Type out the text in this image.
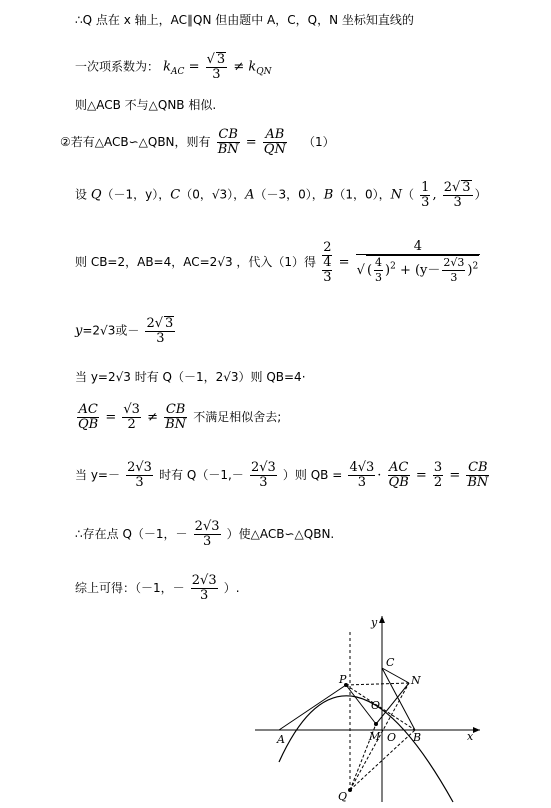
∴Q 点在 x 轴上，AC∥QN 但由题中 A，C，Q，N 坐标知直线的
一次项系数为： $k_{AC} = \frac{√ 3}{3} \ne k_{QN}$
则△ACB 不与△QNB 相似.
②若有△ACB∽△QBN，则有 $\frac{CB}{BN} = \frac{AB}{QN} (1)$
设 Q（－1，y），C（0，√3），A（－3，0），B（1，0），$N( \frac{1}{3}$ , $\frac{2√ 3}{3}$ ）
则 CB=2，AB=4，AC=2√3 ，代入（1）得
2
4
3
= $\frac{4}{√ ( \frac{4}{3} )^2 + (y- \frac{2√3}{3} )^2}$
y=2√3或－ $\frac{2√ 3}{3}$
当 y=2√3 时有 Q（－1，2√3）则 QB=4·
$\frac{AC}{QB} = \frac{√3}{2} \ne \frac{CB}{BN}$ 不满足相似舍去;
当 $y=- \frac{2√3}{3}$ 时有 $Q(-1,- \frac{2√3}{3}$ ）则 QB = $\frac{4√3}{3} \cdot \frac{AC}{QB} = \frac{3}{2} = \frac{CB}{BN}$
∴存在点 Q（－1，－ $\frac{2√3}{3}$ ）使△ACB∽△QBN.
综上可得：（－1，－ $\frac{2√3}{3}$ ）.
y
x
C
N
P
O
A	M O B
Q
